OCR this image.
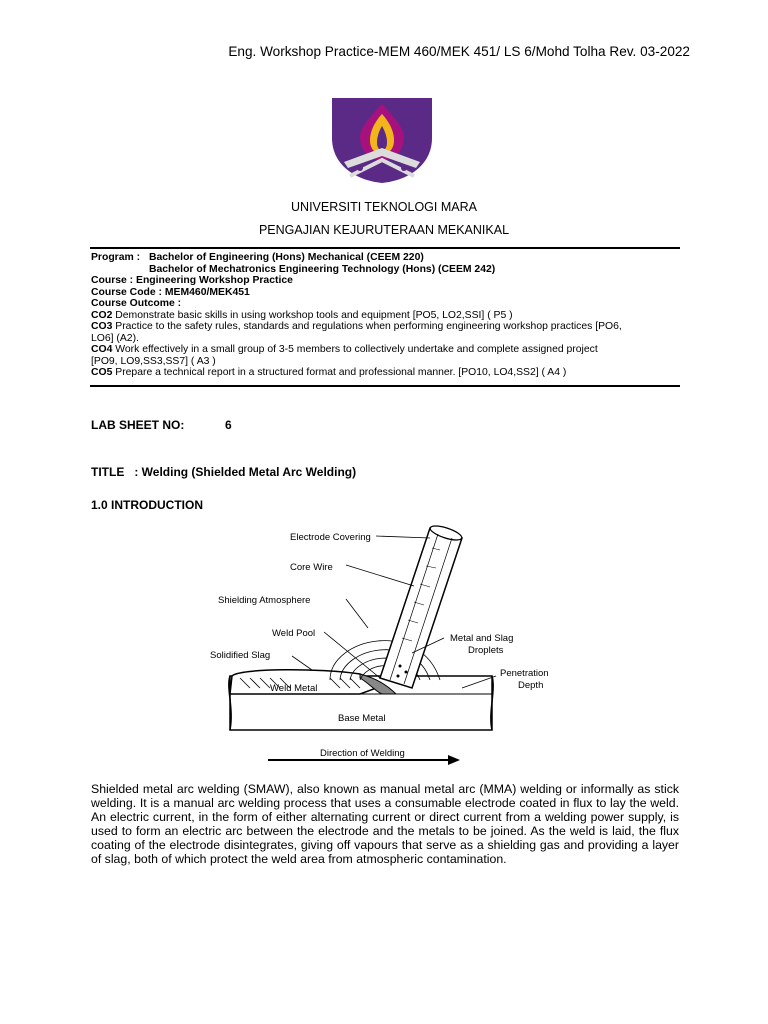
Eng. Workshop Practice-MEM 460/MEK 451/ LS 6/Mohd Tolha Rev. 03-2022
UNIVERSITI TEKNOLOGI MARA
PENGAJIAN KEJURUTERAAN MEKANIKAL
Program : Bachelor of Engineering (Hons) Mechanical (CEEM 220)
Bachelor of Mechatronics Engineering Technology (Hons) (CEEM 242)
Course : Engineering Workshop Practice
Course Code : MEM460/MEK451
Course Outcome :
CO2 Demonstrate basic skills in using workshop tools and equipment [PO5, LO2,SSI] ( P5 )
CO3 Practice to the safety rules, standards and regulations when performing engineering workshop practices [PO6,
LO6] (A2).
CO4 Work effectively in a small group of 3-5 members to collectively undertake and complete assigned project
[PO9, LO9,SS3,SS7] ( A3 )
CO5 Prepare a technical report in a structured format and professional manner. [PO10, LO4,SS2] ( A4 )
LAB SHEET NO:	6
TITLE   : Welding (Shielded Metal Arc Welding)
1.0 INTRODUCTION
Electrode Covering
Core Wire
Shielding Atmosphere
Weld Pool
Solidified Slag
Metal and Slag
Droplets
Penetration
Depth
Weld Metal
Base Metal
Direction of Welding
Shielded metal arc welding (SMAW), also known as manual metal arc (MMA) welding or informally as stick welding. It is a manual arc welding process that uses a consumable electrode coated in flux to lay the weld. An electric current, in the form of either alternating current or direct current from a welding power supply, is used to form an electric arc between the electrode and the metals to be joined. As the weld is laid, the flux coating of the electrode disintegrates, giving off vapours that serve as a shielding gas and providing a layer of slag, both of which protect the weld area from atmospheric contamination.
